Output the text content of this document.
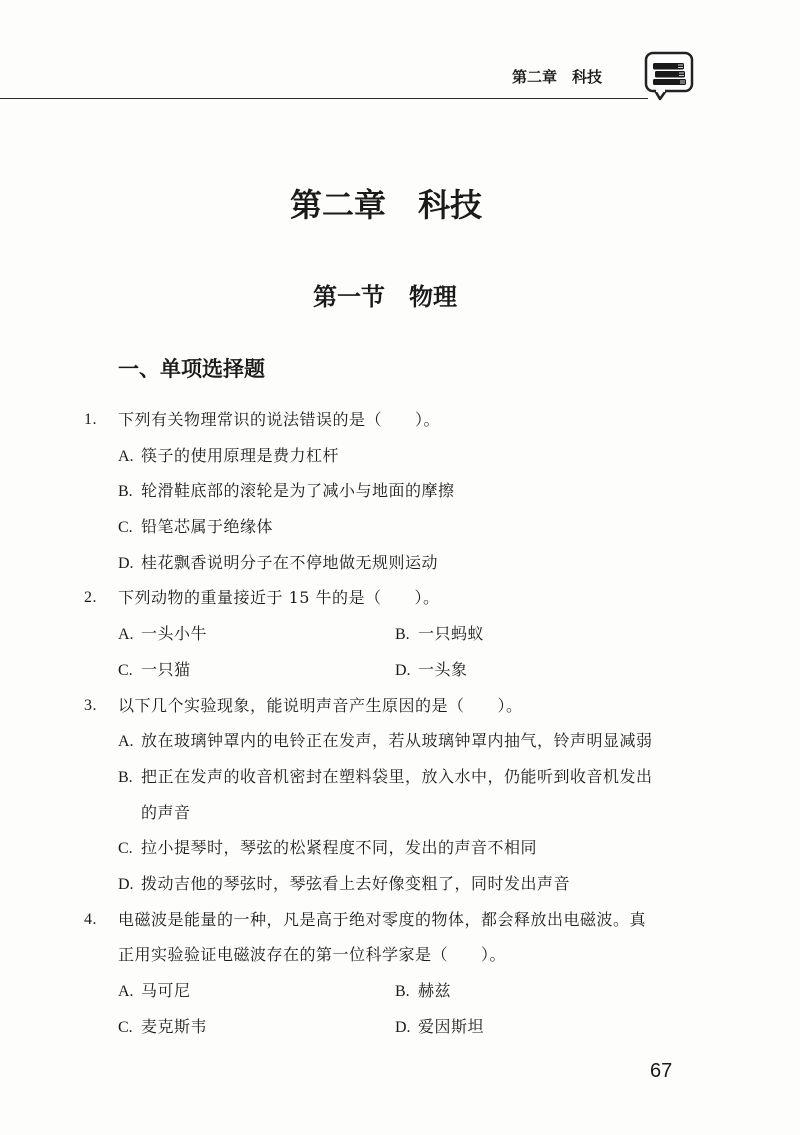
第二章　科技
第二章　科技
第一节　物理
一、单项选择题
1. 下列有关物理常识的说法错误的是（　　）。
A. 筷子的使用原理是费力杠杆
B. 轮滑鞋底部的滚轮是为了减小与地面的摩擦
C. 铅笔芯属于绝缘体
D. 桂花飘香说明分子在不停地做无规则运动
2. 下列动物的重量接近于 15 牛的是（　　）。
A. 一头小牛	B. 一只蚂蚁
C. 一只猫	D. 一头象
3. 以下几个实验现象，能说明声音产生原因的是（　　）。
A. 放在玻璃钟罩内的电铃正在发声，若从玻璃钟罩内抽气，铃声明显减弱
B. 把正在发声的收音机密封在塑料袋里，放入水中，仍能听到收音机发出
的声音
C. 拉小提琴时，琴弦的松紧程度不同，发出的声音不相同
D. 拨动吉他的琴弦时，琴弦看上去好像变粗了，同时发出声音
4. 电磁波是能量的一种，凡是高于绝对零度的物体，都会释放出电磁波。真
正用实验验证电磁波存在的第一位科学家是（　　）。
A. 马可尼	B. 赫兹
C. 麦克斯韦	D. 爱因斯坦
67
